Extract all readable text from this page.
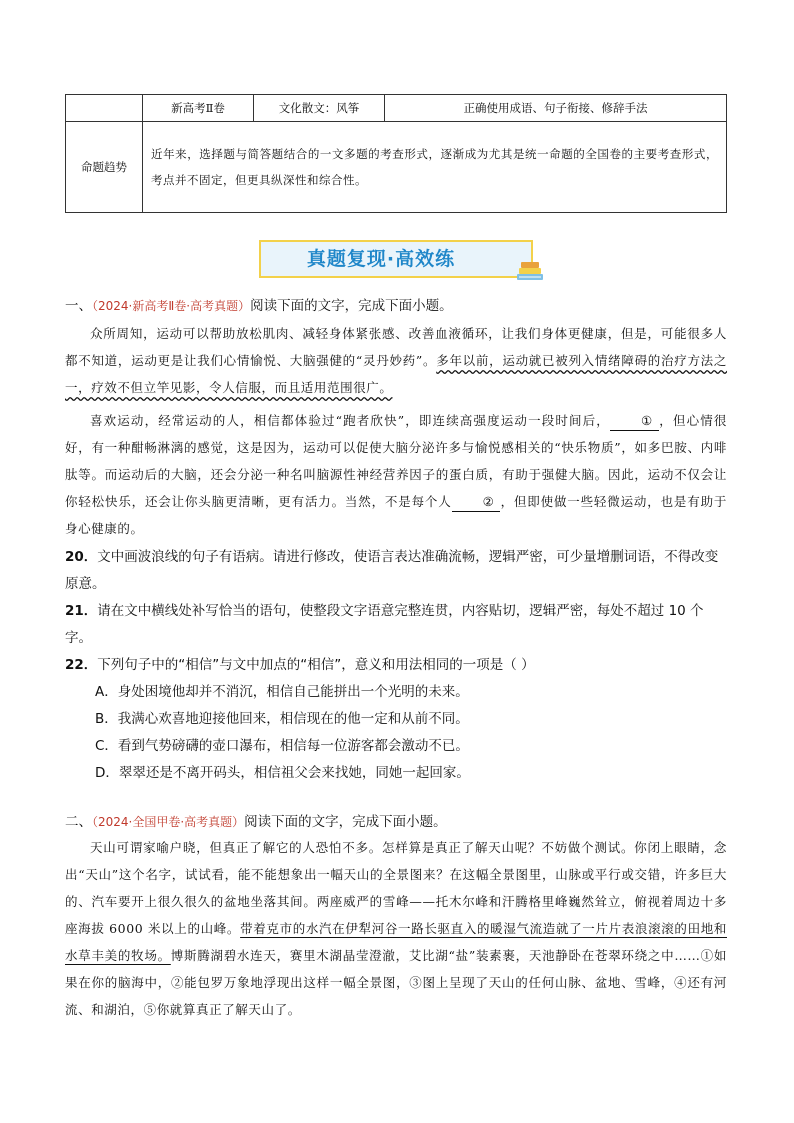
	新高考Ⅱ卷	文化散文：风筝	正确使用成语、句子衔接、修辞手法
命题趋势	近年来，选择题与简答题结合的一文多题的考查形式，逐渐成为尤其是统一命题的全国卷的主要考查形式，考点并不固定，但更具纵深性和综合性。		
真题复现·高效练
一、（2024·新高考Ⅱ卷·高考真题）阅读下面的文字，完成下面小题。

众所周知，运动可以帮助放松肌肉、减轻身体紧张感、改善血液循环，让我们身体更健康，但是，可能很多人都不知道，运动更是让我们心情愉悦、大脑强健的“灵丹妙药”。多年以前，运动就已被列入情绪障碍的治疗方法之一，疗效不但立竿见影，令人信服，而且适用范围很广。

喜欢运动，经常运动的人，相信都体验过“跑者欣快”，即连续高强度运动一段时间后， ① ，但心情很好，有一种酣畅淋漓的感觉，这是因为，运动可以促使大脑分泌许多与愉悦感相关的“快乐物质”，如多巴胺、内啡肽等。而运动后的大脑，还会分泌一种名叫脑源性神经营养因子的蛋白质，有助于强健大脑。因此，运动不仅会让你轻松快乐，还会让你头脑更清晰，更有活力。当然，不是每个人 ② ，但即使做一些轻微运动，也是有助于身心健康的。

20．文中画波浪线的句子有语病。请进行修改，使语言表达准确流畅，逻辑严密，可少量增删词语，不得改变原意。

21．请在文中横线处补写恰当的语句，使整段文字语意完整连贯，内容贴切，逻辑严密，每处不超过 10 个字。

22．下列句子中的“相信”与文中加点的“相信”，意义和用法相同的一项是（ ）

A．身处困境他却并不消沉，相信自己能拼出一个光明的未来。

B．我满心欢喜地迎接他回来，相信现在的他一定和从前不同。

C．看到气势磅礴的壶口瀑布，相信每一位游客都会激动不已。

D．翠翠还是不离开码头，相信祖父会来找她，同她一起回家。

二、（2024·全国甲卷·高考真题）阅读下面的文字，完成下面小题。

天山可谓家喻户晓，但真正了解它的人恐怕不多。怎样算是真正了解天山呢？不妨做个测试。你闭上眼睛，念出“天山”这个名字，试试看，能不能想象出一幅天山的全景图来？在这幅全景图里，山脉或平行或交错，许多巨大的、汽车要开上很久很久的盆地坐落其间。两座威严的雪峰——托木尔峰和汗腾格里峰巍然耸立，俯视着周边十多座海拔 6000 米以上的山峰。带着克市的水汽在伊犁河谷一路长驱直入的暖湿气流造就了一片片表浪滚滚的田地和水草丰美的牧场。博斯腾湖碧水连天，赛里木湖晶莹澄澈，艾比湖“盐”装素裹，天池静卧在苍翠环绕之中……①如果在你的脑海中，②能包罗万象地浮现出这样一幅全景图，③图上呈现了天山的任何山脉、盆地、雪峰，④还有河流、和湖泊，⑤你就算真正了解天山了。
